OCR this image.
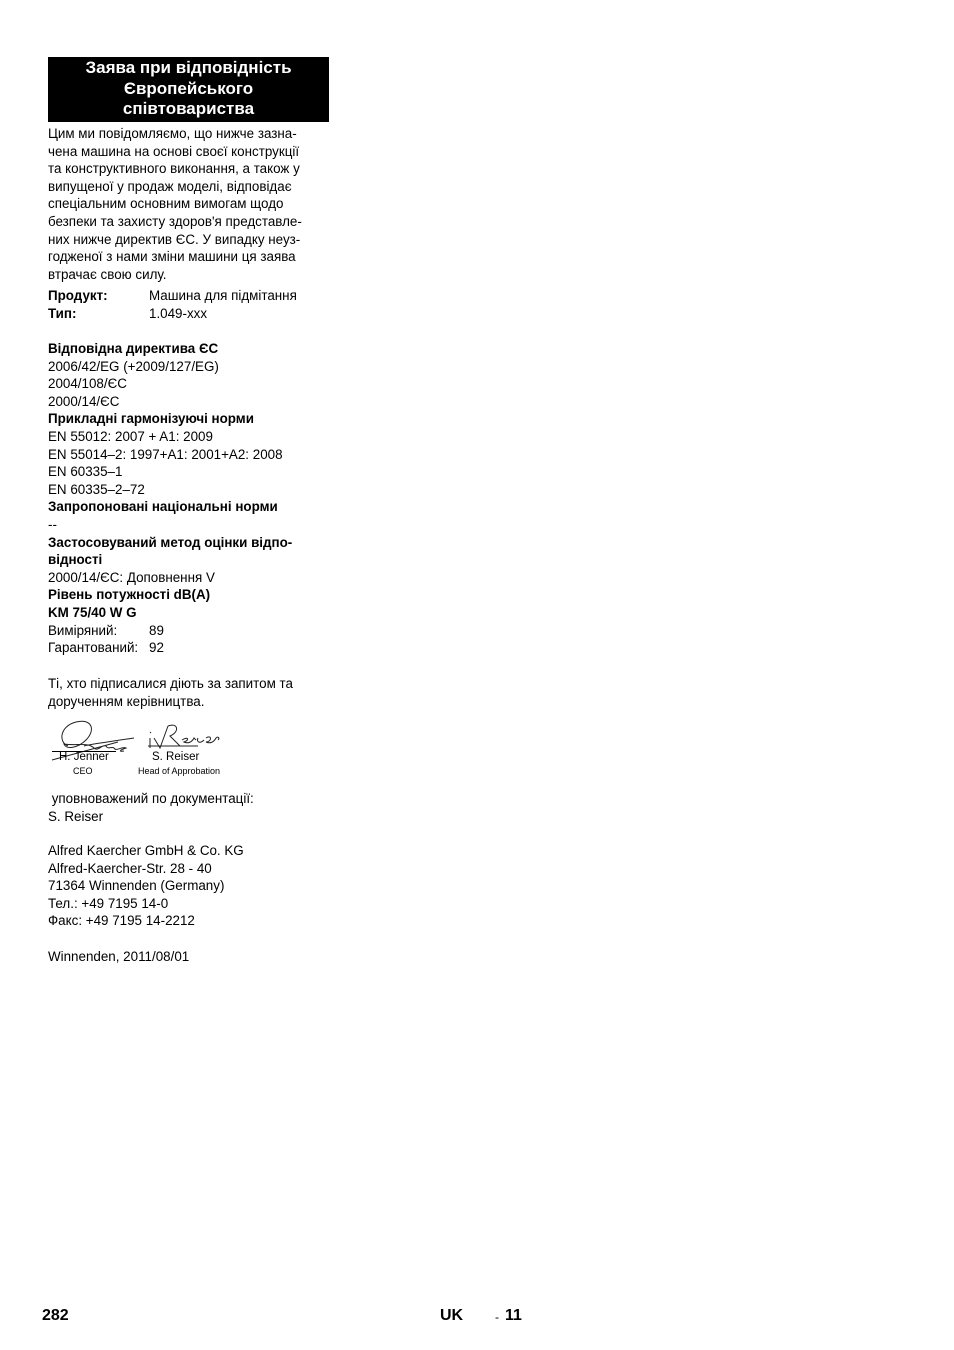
Заява при відповідність
Європейського
співтовариства
Цим ми повідомляємо, що нижче зазна-
чена машина на основі своєї конструкції
та конструктивного виконання, а також у
випущеної у продаж моделі, відповідає
спеціальним основним вимогам щодо
безпеки та захисту здоров'я представле-
них нижче директив ЄС. У випадку неуз-
годженої з нами зміни машини ця заява
втрачає свою силу.
Продукт:	Машина для підмітання
Тип:	1.049-xxx
Відповідна директива ЄС
2006/42/EG (+2009/127/EG)
2004/108/ЄС
2000/14/ЄС
Прикладні гармонізуючі норми
EN 55012: 2007 + A1: 2009
EN 55014–2: 1997+A1: 2001+A2: 2008
EN 60335–1
EN 60335–2–72
Запропоновані національні норми
--
Застосовуваний метод оцінки відпо-
відності
2000/14/ЄС: Доповнення V
Рівень потужності dB(A)
KM 75/40 W G
Виміряний:	89
Гарантований: 92
Ті, хто підписалися діють за запитом та
дорученням керівництва.
H. Jenner
CEO
S. Reiser
Head of Approbation
уповноважений по документації:
S. Reiser
Alfred Kaercher GmbH & Co. KG
Alfred-Kaercher-Str. 28 - 40
71364 Winnenden (Germany)
Тел.: +49 7195 14-0
Факс: +49 7195 14-2212
Winnenden, 2011/08/01
282	UK	- 11
